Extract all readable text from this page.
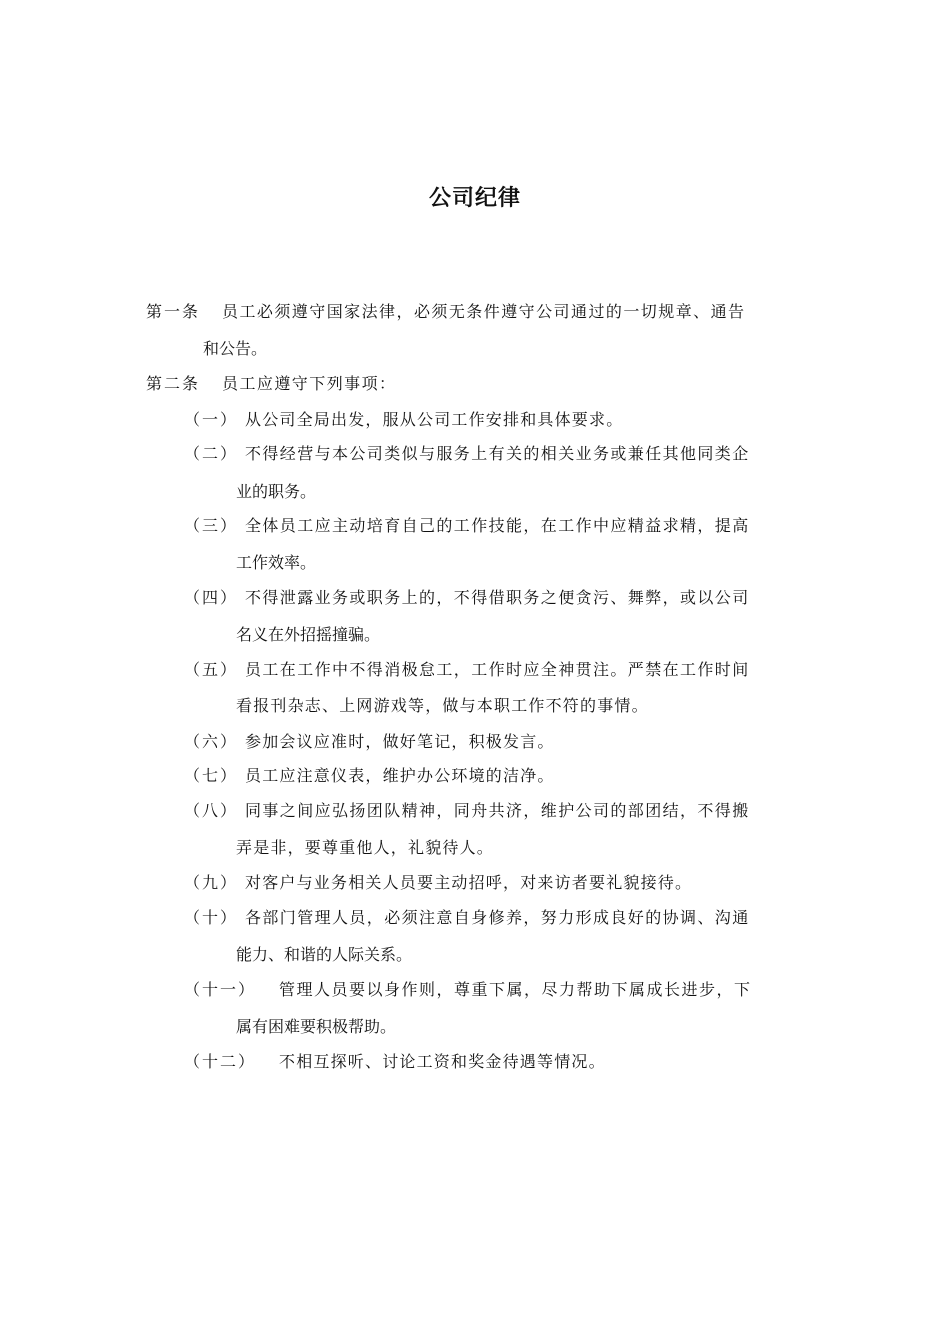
公司纪律
第一条 员工必须遵守国家法律，必须无条件遵守公司通过的一切规章、通告
和公告。
第二条 员工应遵守下列事项：
（一） 从公司全局出发，服从公司工作安排和具体要求。
（二） 不得经营与本公司类似与服务上有关的相关业务或兼任其他同类企
业的职务。
（三） 全体员工应主动培育自己的工作技能，在工作中应精益求精，提高
工作效率。
（四） 不得泄露业务或职务上的，不得借职务之便贪污、舞弊，或以公司
名义在外招摇撞骗。
（五） 员工在工作中不得消极怠工，工作时应全神贯注。严禁在工作时间
看报刊杂志、上网游戏等，做与本职工作不符的事情。
（六） 参加会议应准时，做好笔记，积极发言。
（七） 员工应注意仪表，维护办公环境的洁净。
（八） 同事之间应弘扬团队精神，同舟共济，维护公司的部团结，不得搬
弄是非，要尊重他人，礼貌待人。
（九） 对客户与业务相关人员要主动招呼，对来访者要礼貌接待。
（十） 各部门管理人员，必须注意自身修养，努力形成良好的协调、沟通
能力、和谐的人际关系。
（十一） 管理人员要以身作则，尊重下属，尽力帮助下属成长进步，下
属有困难要积极帮助。
（十二） 不相互探听、讨论工资和奖金待遇等情况。
